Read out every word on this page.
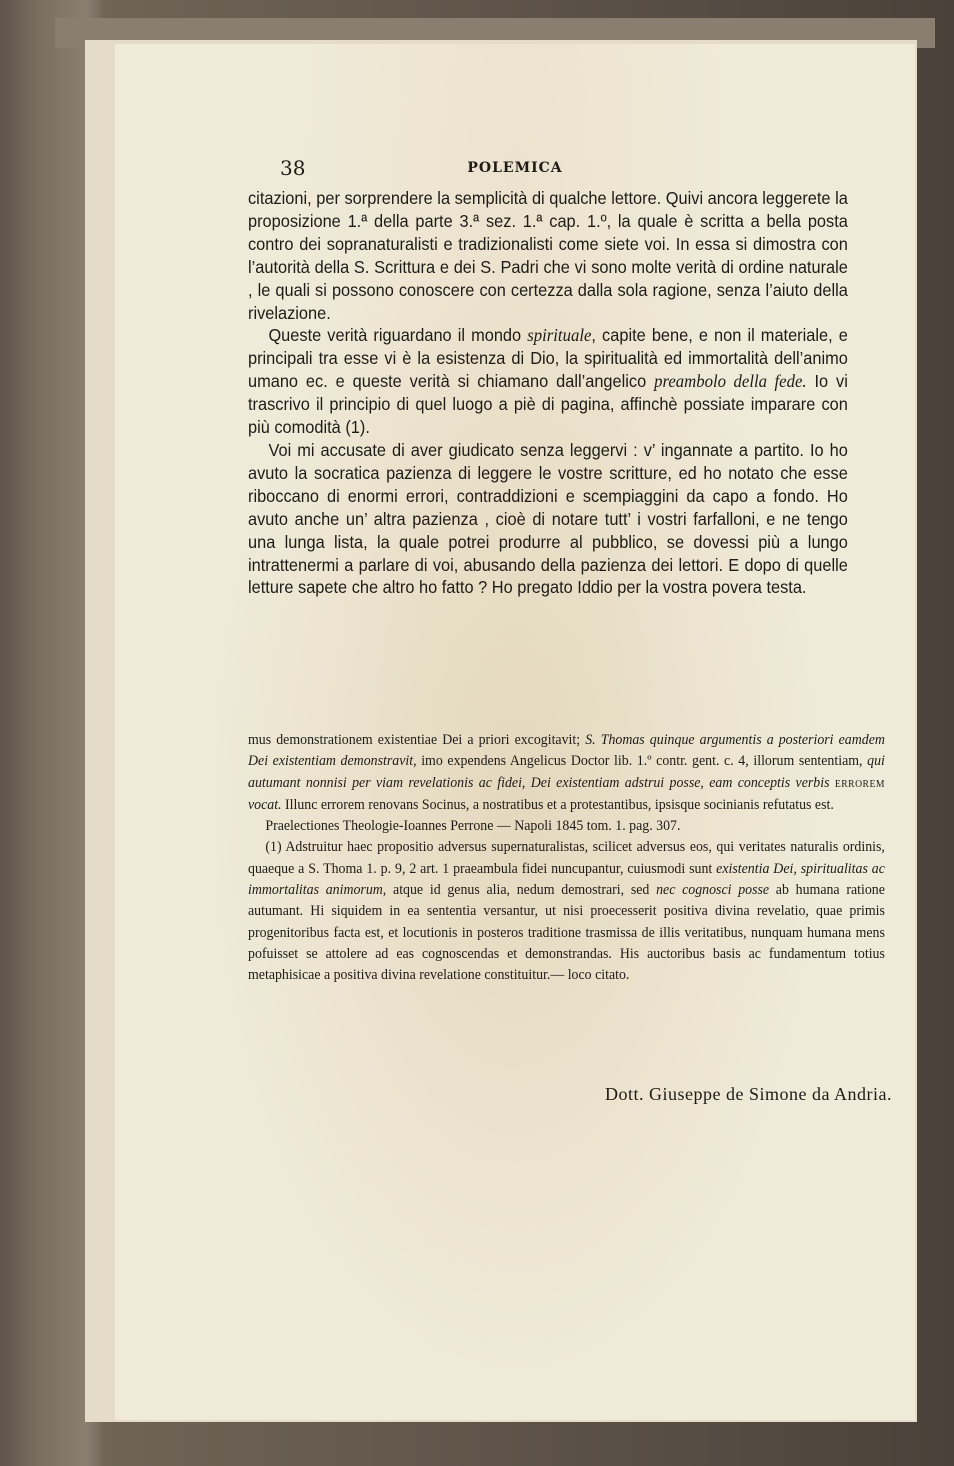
38	POLEMICA

citazioni, per sorprendere la semplicità di qualche lettore. Quivi ancora leggerete la proposizione 1.ª della parte 3.ª sez. 1.ª cap. 1.º, la quale è scritta a bella posta contro dei sopranaturalisti e tradizionalisti come siete voi. In essa si dimostra con l’autorità della S. Scrittura e dei S. Padri che vi sono molte verità di ordine naturale , le quali si possono conoscere con certezza dalla sola ragione, senza l’aiuto della rivelazione.

Queste verità riguardano il mondo spirituale, capite bene, e non il materiale, e principali tra esse vi è la esistenza di Dio, la spiritualità ed immortalità dell’animo umano ec. e queste verità si chiamano dall’angelico preambolo della fede. Io vi trascrivo il principio di quel luogo a piè di pagina, affinchè possiate imparare con più comodità (1).

Voi mi accusate di aver giudicato senza leggervi : v’ ingannate a partito. Io ho avuto la socratica pazienza di leggere le vostre scritture, ed ho notato che esse riboccano di enormi errori, contraddizioni e scempiaggini da capo a fondo. Ho avuto anche un’ altra pazienza , cioè di notare tutt’ i vostri farfalloni, e ne tengo una lunga lista, la quale potrei produrre al pubblico, se dovessi più a lungo intrattenermi a parlare di voi, abusando della pazienza dei lettori. E dopo di quelle letture sapete che altro ho fatto ? Ho pregato Iddio per la vostra povera testa.

mus demonstrationem existentiae Dei a priori excogitavit; S. Thomas quinque argumentis a posteriori eamdem Dei existentiam demonstravit, imo expendens Angelicus Doctor lib. 1.º contr. gent. c. 4, illorum sententiam, qui autumant nonnisi per viam revelationis ac fidei, Dei existentiam adstrui posse, eam conceptis verbis ERROREM vocat. Illunc errorem renovans Socinus, a nostratibus et a protestantibus, ipsisque socinianis refutatus est.

Praelectiones Theologie-Ioannes Perrone — Napoli 1845 tom. 1. pag. 307.

(1) Adstruitur haec propositio adversus supernaturalistas, scilicet adversus eos, qui veritates naturalis ordinis, quaeque a S. Thoma 1. p. 9, 2 art. 1 praeambula fidei nuncupantur, cuiusmodi sunt existentia Dei, spiritualitas ac immortalitas animorum, atque id genus alia, nedum demostrari, sed nec cognosci posse ab humana ratione autumant. Hi siquidem in ea sententia versantur, ut nisi proecesserit positiva divina revelatio, quae primis progenitoribus facta est, et locutionis in posteros traditione trasmissa de illis veritatibus, nunquam humana mens pofuisset se attolere ad eas cognoscendas et demonstrandas. His auctoribus basis ac fundamentum totius metaphisicae a positiva divina revelatione constituitur.— loco citato.

Dott. Giuseppe de Simone da Andria.
